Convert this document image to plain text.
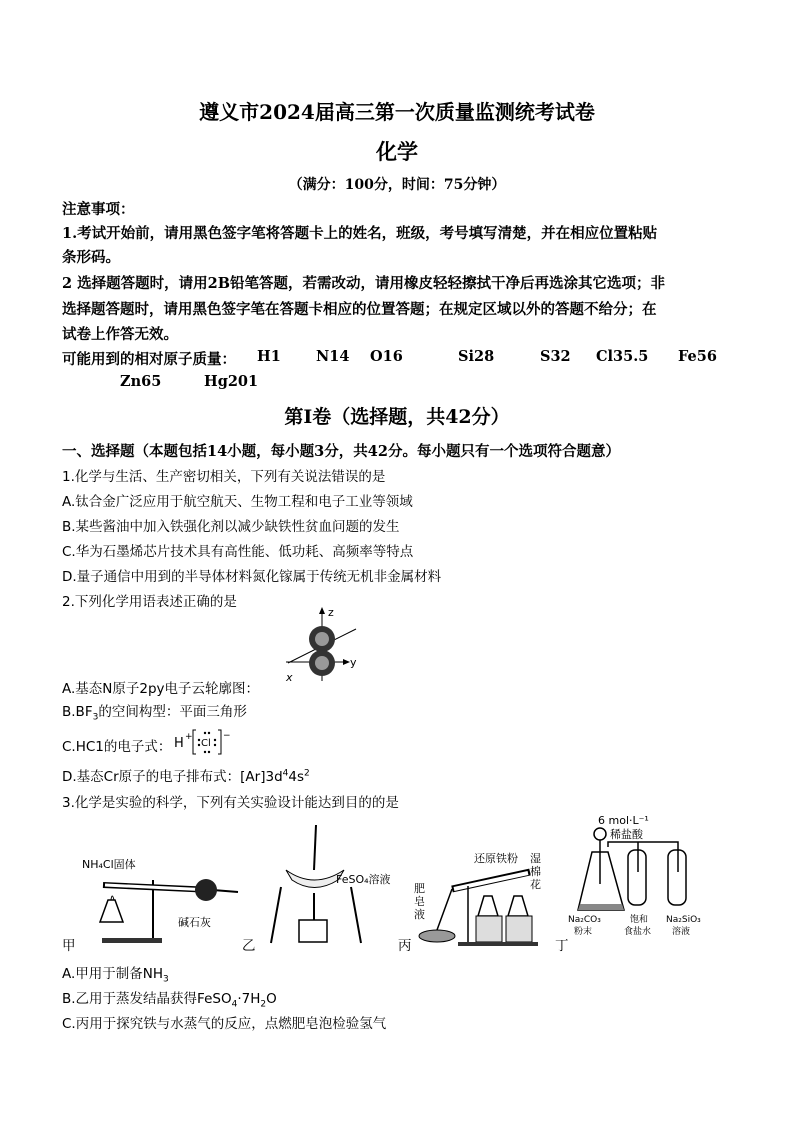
遵义市2024届高三第一次质量监测统考试卷
化学
（满分：100分，时间：75分钟）
注意事项：
1.考试开始前，请用黑色签字笔将答题卡上的姓名，班级，考号填写清楚，并在相应位置粘贴
条形码。
2 选择题答题时，请用2B铅笔答题，若需改动，请用橡皮轻轻擦拭干净后再选涂其它选项；非
选择题答题时，请用黑色签字笔在答题卡相应的位置答题；在规定区域以外的答题不给分；在
试卷上作答无效。
可能用到的相对原子质量： H1 N14 O16	Si28	S32 Cl35.5 Fe56
Zn65	Hg201
第Ⅰ卷（选择题，共42分）
一、选择题（本题包括14小题，每小题3分，共42分。每小题只有一个选项符合题意）
1.化学与生活、生产密切相关，下列有关说法错误的是
A.钛合金广泛应用于航空航天、生物工程和电子工业等领域
B.某些酱油中加入铁强化剂以减少缺铁性贫血问题的发生
C.华为石墨烯芯片技术具有高性能、低功耗、高频率等特点
D.量子通信中用到的半导体材料氮化镓属于传统无机非金属材料
2.下列化学用语表述正确的是
z
y
x
A.基态N原子2py电子云轮廓图：
$B.BF_3$的空间构型：平面三角形
C.HC1的电子式： H +
Cl
−
D.基态Cr原子的电子排布式：$[Ar]3d^44s^2$
3.化学是实验的科学，下列有关实验设计能达到目的的是
NH₄Cl固体
碱石灰
FeSO₄溶液
还原铁粉 湿
棉
花
肥
皂
液
6 mol·L⁻¹
稀盐酸
Na₂CO₃
粉末
饱和
食盐水
Na₂SiO₃
溶液
甲	乙	丙	丁
A.甲用于制备$NH_3$
B.乙用于蒸发结晶获得$FeSO_4\cdot 7H_2O$
C.丙用于探究铁与水蒸气的反应，点燃肥皂泡检验氢气
